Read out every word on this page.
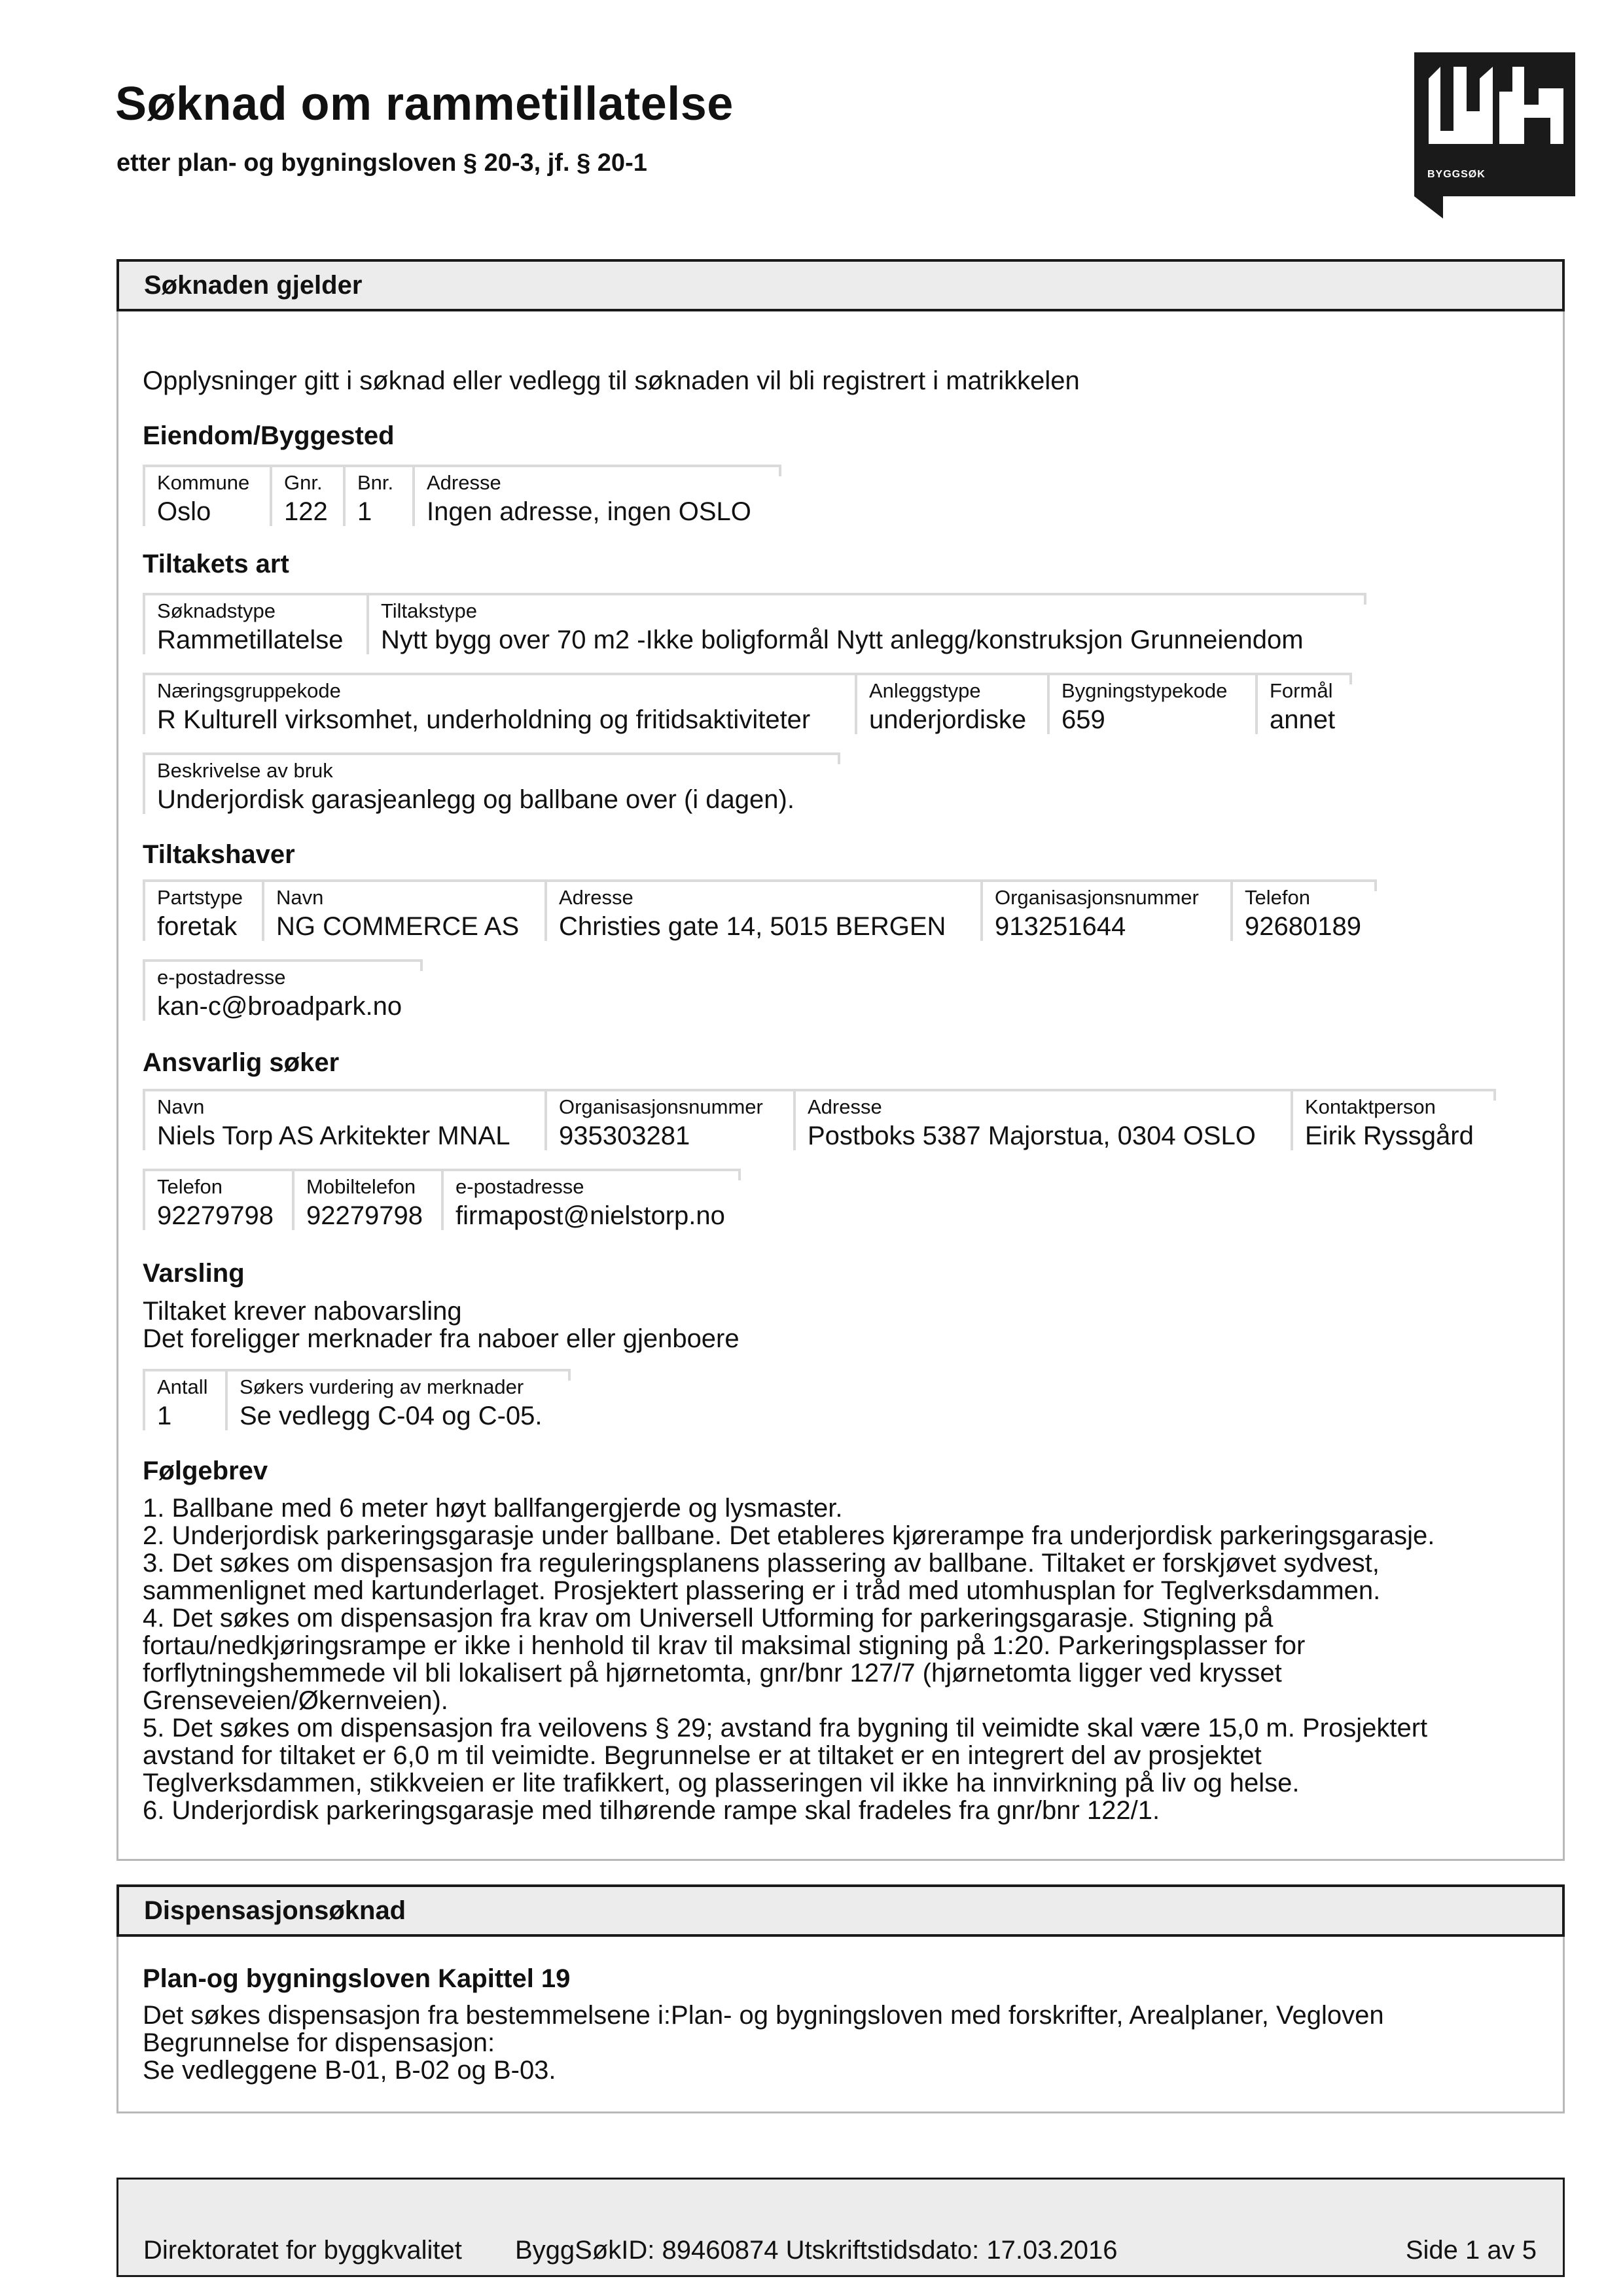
Søknad om rammetillatelse
etter plan- og bygningsloven § 20-3, jf. § 20-1	BYGGSØK
Søknaden gjelder
Opplysninger gitt i søknad eller vedlegg til søknaden vil bli registrert i matrikkelen
Eiendom/Byggested
Kommune
Oslo
Gnr.
122
Bnr.
1
Adresse
Ingen adresse, ingen OSLO
Tiltakets art
Søknadstype
Rammetillatelse
Tiltakstype
Nytt bygg over 70 m2 -Ikke boligformål Nytt anlegg/konstruksjon Grunneiendom
Næringsgruppekode
R Kulturell virksomhet, underholdning og fritidsaktiviteter
Anleggstype
underjordiske
Bygningstypekode
659
Formål
annet
Beskrivelse av bruk
Underjordisk garasjeanlegg og ballbane over (i dagen).
Tiltakshaver
Partstype
foretak
Navn
NG COMMERCE AS
Adresse
Christies gate 14, 5015 BERGEN
Organisasjonsnummer
913251644
Telefon
92680189
e-postadresse
kan-c@broadpark.no
Ansvarlig søker
Navn
Niels Torp AS Arkitekter MNAL
Organisasjonsnummer
935303281
Adresse
Postboks 5387 Majorstua, 0304 OSLO
Kontaktperson
Eirik Ryssgård
Telefon
92279798
Mobiltelefon
92279798
e-postadresse
firmapost@nielstorp.no
Varsling
Tiltaket krever nabovarsling
Det foreligger merknader fra naboer eller gjenboere
Antall
1
Søkers vurdering av merknader
Se vedlegg C-04 og C-05.
Følgebrev
1. Ballbane med 6 meter høyt ballfangergjerde og lysmaster.
2. Underjordisk parkeringsgarasje under ballbane. Det etableres kjørerampe fra underjordisk parkeringsgarasje.
3. Det søkes om dispensasjon fra reguleringsplanens plassering av ballbane. Tiltaket er forskjøvet sydvest,
sammenlignet med kartunderlaget. Prosjektert plassering er i tråd med utomhusplan for Teglverksdammen.
4. Det søkes om dispensasjon fra krav om Universell Utforming for parkeringsgarasje. Stigning på
fortau/nedkjøringsrampe er ikke i henhold til krav til maksimal stigning på 1:20. Parkeringsplasser for
forflytningshemmede vil bli lokalisert på hjørnetomta, gnr/bnr 127/7 (hjørnetomta ligger ved krysset
Grenseveien/Økernveien).
5. Det søkes om dispensasjon fra veilovens § 29; avstand fra bygning til veimidte skal være 15,0 m. Prosjektert
avstand for tiltaket er 6,0 m til veimidte. Begrunnelse er at tiltaket er en integrert del av prosjektet
Teglverksdammen, stikkveien er lite trafikkert, og plasseringen vil ikke ha innvirkning på liv og helse.
6. Underjordisk parkeringsgarasje med tilhørende rampe skal fradeles fra gnr/bnr 122/1.
Dispensasjonsøknad
Plan-og bygningsloven Kapittel 19
Det søkes dispensasjon fra bestemmelsene i:Plan- og bygningsloven med forskrifter, Arealplaner, Vegloven
Begrunnelse for dispensasjon:
Se vedleggene B-01, B-02 og B-03.
Direktoratet for byggkvalitet ByggSøkID: 89460874 Utskriftstidsdato: 17.03.2016	Side 1 av 5
